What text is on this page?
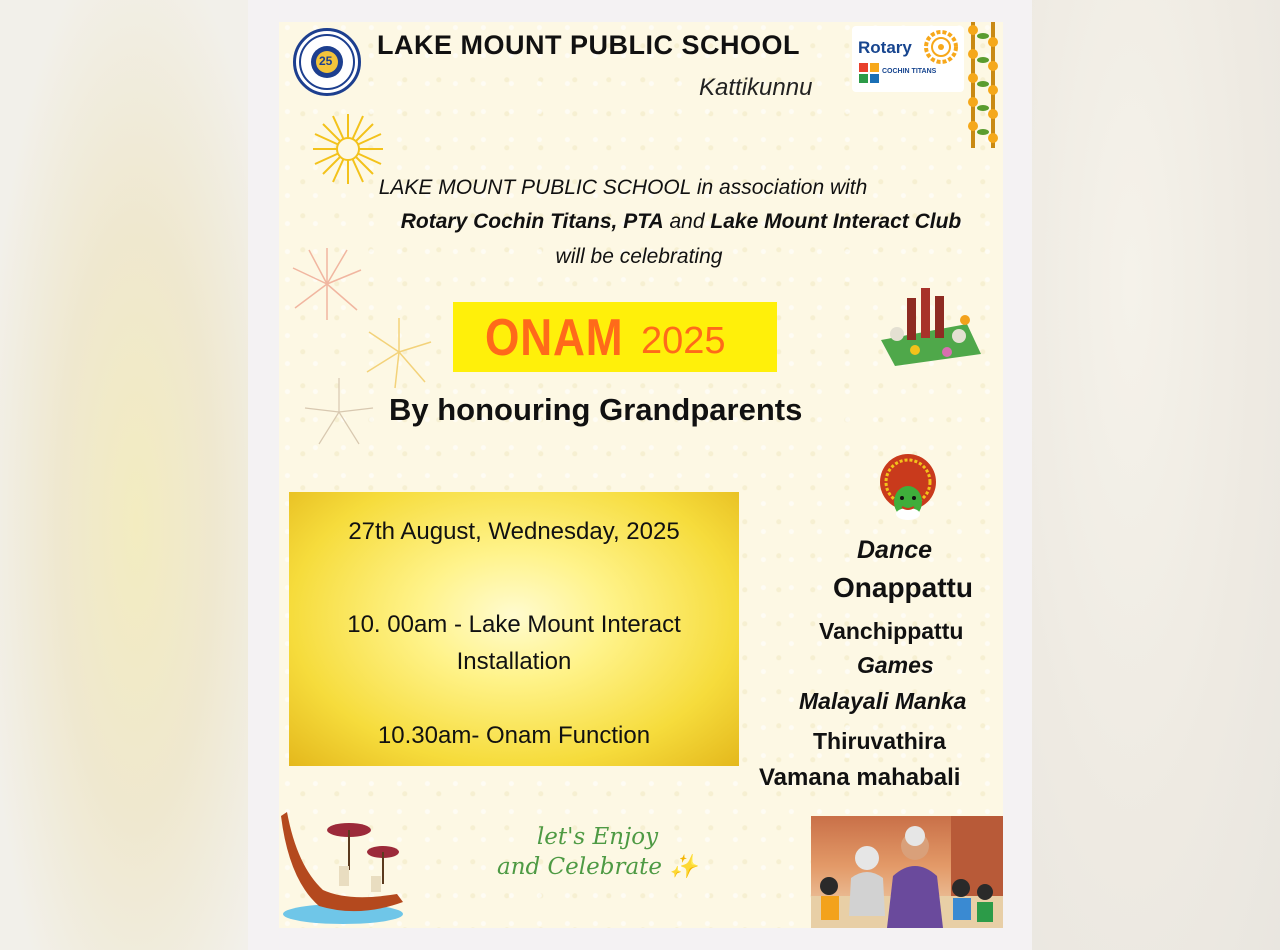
25
LAKE MOUNT PUBLIC SCHOOL
Kattikunnu
Rotary
COCHIN TITANS
LAKE MOUNT PUBLIC SCHOOL in association with
Rotary Cochin Titans, PTA and Lake Mount Interact Club
will be celebrating
ONAM 2025
By honouring Grandparents
27th August, Wednesday, 2025
10. 00am - Lake Mount Interact
Installation
10.30am- Onam Function
Dance
Onappattu
Vanchippattu
Games
Malayali Manka
Thiruvathira
Vamana mahabali
let's Enjoy
and Celebrate ✨
